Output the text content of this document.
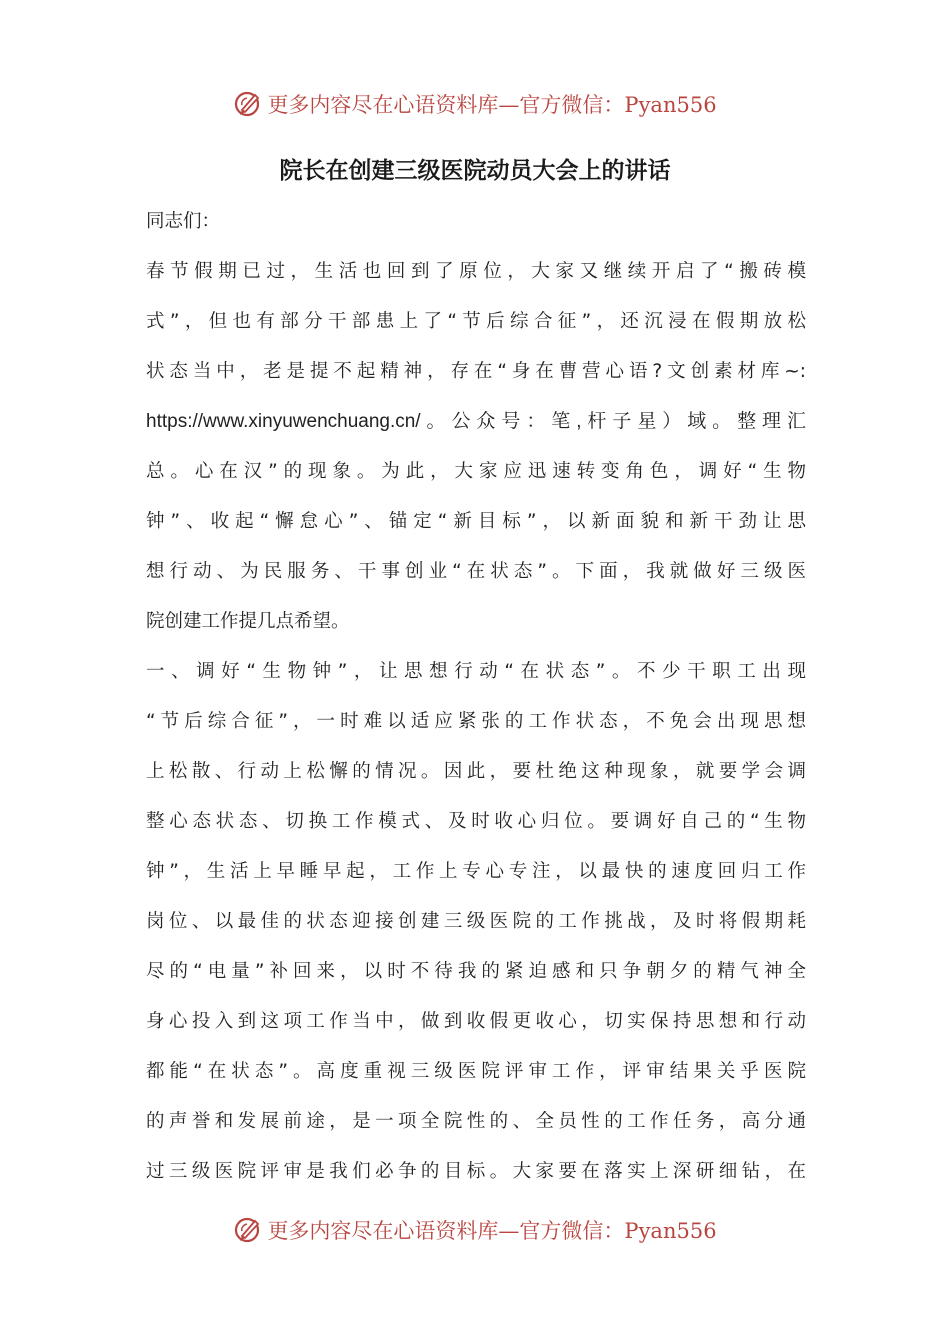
更多内容尽在心语资料库—官方微信：Pyan556
院长在创建三级医院动员大会上的讲话
同志们：
春节假期已过，生活也回到了原位，大家又继续开启了“搬砖模
式”，但也有部分干部患上了“节后综合征”，还沉浸在假期放松
状态当中，老是提不起精神，存在“身在曹营心语?文创素材库~:
https://www.xinyuwenchuang.cn/。公众号：笔,杆子星）域。整理汇
总。心在汉”的现象。为此，大家应迅速转变角色，调好“生物
钟”、收起“懈怠心”、锚定“新目标”，以新面貌和新干劲让思
想行动、为民服务、干事创业“在状态”。下面，我就做好三级医
院创建工作提几点希望。
一、调好“生物钟”，让思想行动“在状态”。不少干职工出现
“节后综合征”，一时难以适应紧张的工作状态，不免会出现思想
上松散、行动上松懈的情况。因此，要杜绝这种现象，就要学会调
整心态状态、切换工作模式、及时收心归位。要调好自己的“生物
钟”，生活上早睡早起，工作上专心专注，以最快的速度回归工作
岗位、以最佳的状态迎接创建三级医院的工作挑战，及时将假期耗
尽的“电量”补回来，以时不待我的紧迫感和只争朝夕的精气神全
身心投入到这项工作当中，做到收假更收心，切实保持思想和行动
都能“在状态”。高度重视三级医院评审工作，评审结果关乎医院
的声誉和发展前途，是一项全院性的、全员性的工作任务，高分通
过三级医院评审是我们必争的目标。大家要在落实上深研细钻，在
更多内容尽在心语资料库—官方微信：Pyan556
